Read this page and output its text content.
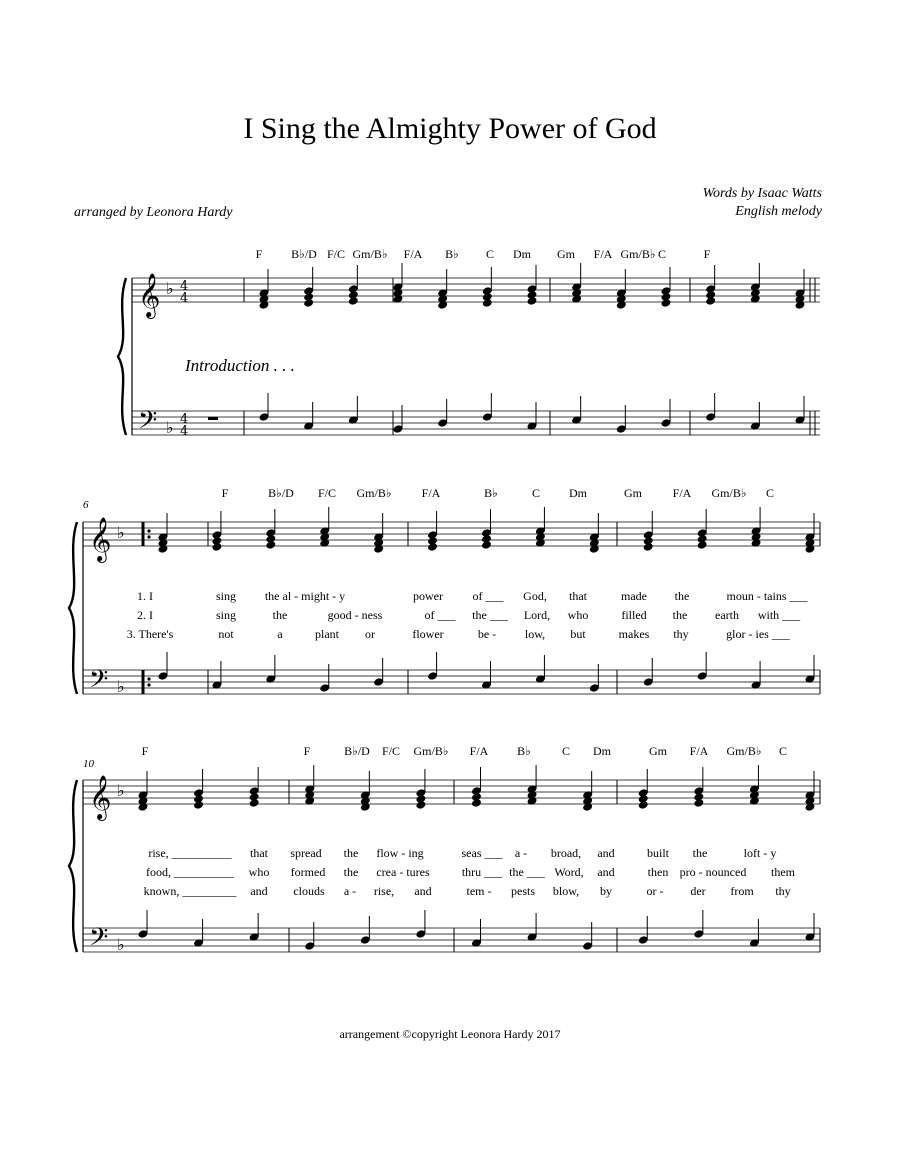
I Sing the Almighty Power of God
Words by Isaac Watts
English melody
arranged by Leonora Hardy
Introduction . . .
F B♭/D F/C Gm/B♭ F/A B♭ C Dm Gm F/A Gm/B♭ C	F
F	B♭/D F/C Gm/B♭	F/A	B♭	C Dm	Gm	F/A Gm/B♭ C
F	F	B♭/D F/C Gm/B♭ F/A B♭	C Dm	Gm F/A Gm/B♭ C
6
10
1. I	sing the al - might - y	power of ___ God, that	made the	moun - tains ___
2. I	sing	the	good - ness	of ___ the ___ Lord, who	filled the earth with ___
3. There's	not	a	plant or	flower	be - low, but	makes thy	glor - ies ___
rise, __________ that spread the flow - ing	seas ___ a - broad, and	built the	loft - y
food, __________ who formed the crea - tures	thru ___ the ___ Word, and	then pro - nounced them
known, _________ and clouds a - rise, and	tem - pests blow, by	or - der from thy
arrangement ©copyright Leonora Hardy 2017
𝄞
𝄢
♭
♭
4
4
4
4
𝄞
𝄢
♭
♭
𝄞
𝄢
♭
♭
